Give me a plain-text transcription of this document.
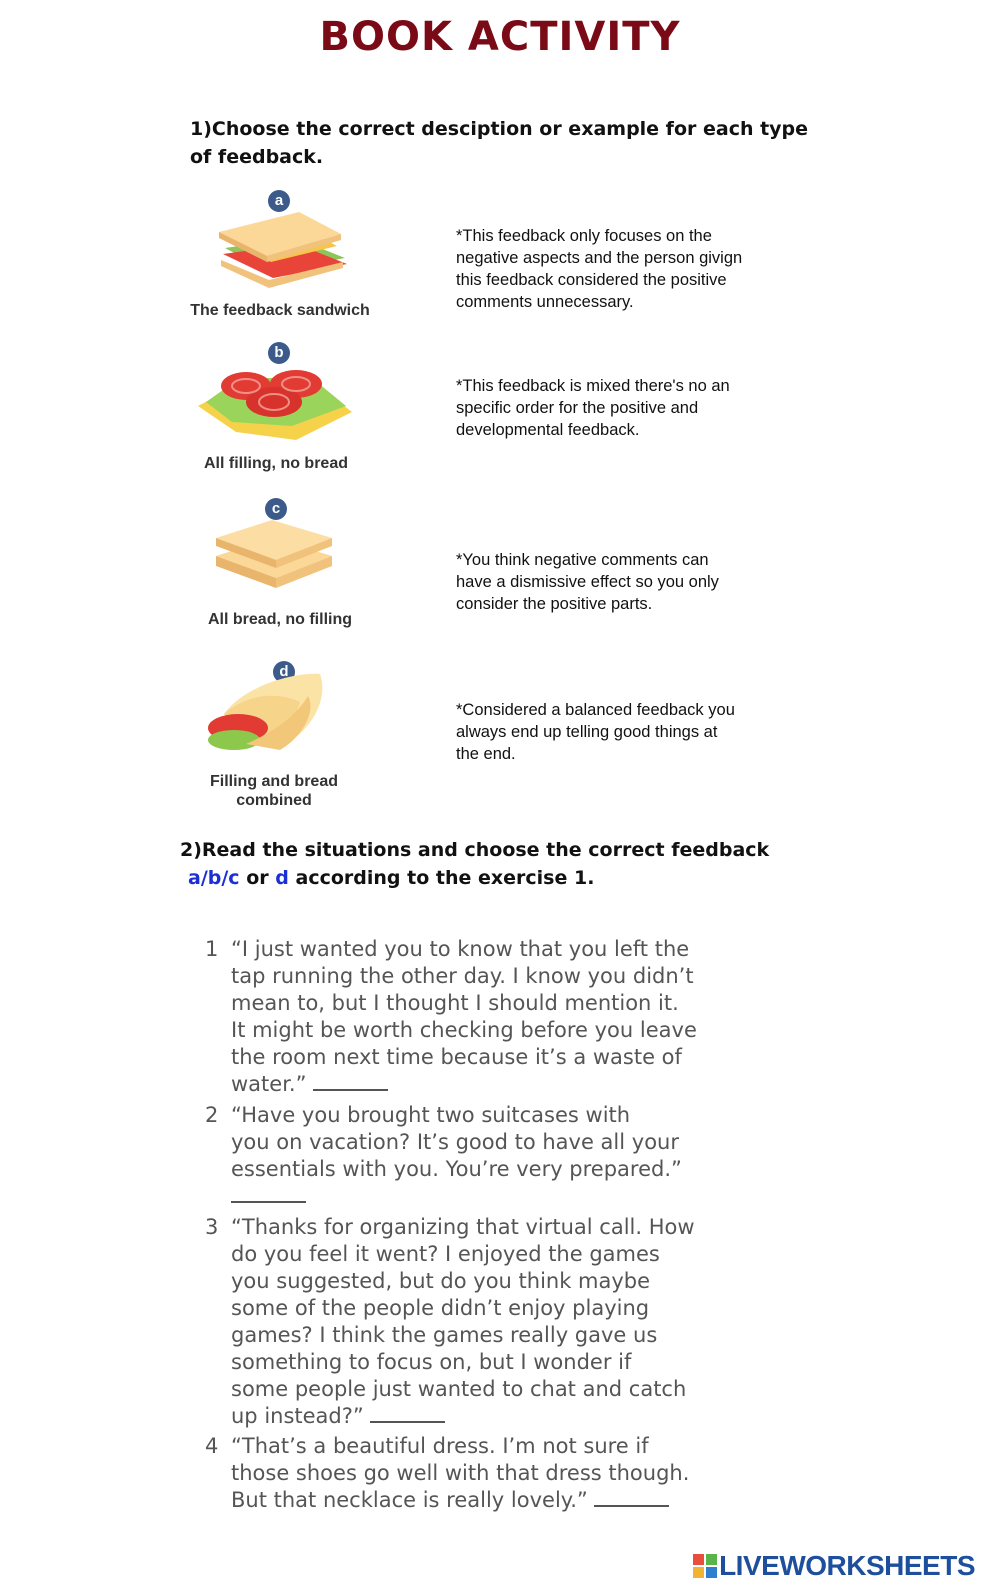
BOOK ACTIVITY
1)Choose the correct desciption or example for each type
of feedback.
a
The feedback sandwich
b
All filling, no bread
c
All bread, no filling
d
Filling and bread
combined
*This feedback only focuses on the
negative aspects and the person givign
this feedback considered the positive
comments unnecessary.
*This feedback is mixed there's no an
specific order for the positive and
developmental feedback.
*You think negative comments can
have a dismissive effect so you only
consider the positive parts.
*Considered a balanced feedback you
always end up telling good things at
the end.
2)Read the situations and choose the correct feedback
a/b/c or d according to the exercise 1.
1 “I just wanted you to know that you left the
tap running the other day. I know you didn’t
mean to, but I thought I should mention it.
It might be worth checking before you leave
the room next time because it’s a waste of
water.”
2 “Have you brought two suitcases with
you on vacation? It’s good to have all your
essentials with you. You’re very prepared.”
3 “Thanks for organizing that virtual call. How
do you feel it went? I enjoyed the games
you suggested, but do you think maybe
some of the people didn’t enjoy playing
games? I think the games really gave us
something to focus on, but I wonder if
some people just wanted to chat and catch
up instead?”
4 “That’s a beautiful dress. I’m not sure if
those shoes go well with that dress though.
But that necklace is really lovely.”
LIVEWORKSHEETS
